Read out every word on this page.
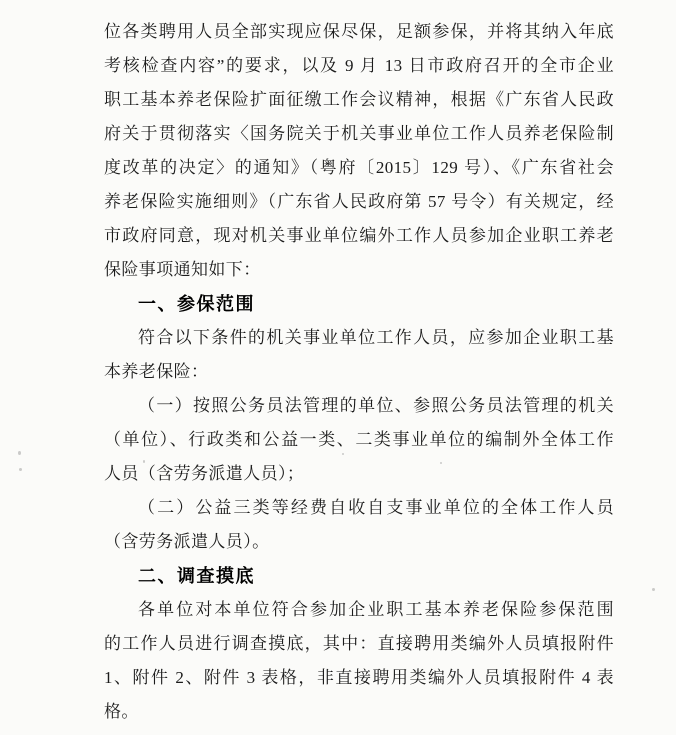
位各类聘用人员全部实现应保尽保，足额参保，并将其纳入年底
考核检查内容”的要求，以及 9 月 13 日市政府召开的全市企业
职工基本养老保险扩面征缴工作会议精神，根据《广东省人民政
府关于贯彻落实〈国务院关于机关事业单位工作人员养老保险制
度改革的决定〉的通知》（粤府〔2015〕129 号）、《广东省社会
养老保险实施细则》（广东省人民政府第 57 号令）有关规定，经
市政府同意，现对机关事业单位编外工作人员参加企业职工养老
保险事项通知如下：
一、参保范围
符合以下条件的机关事业单位工作人员，应参加企业职工基
本养老保险：
（一）按照公务员法管理的单位、参照公务员法管理的机关
（单位）、行政类和公益一类、二类事业单位的编制外全体工作
人员（含劳务派遣人员）；
（二）公益三类等经费自收自支事业单位的全体工作人员
（含劳务派遣人员）。
二、调查摸底
各单位对本单位符合参加企业职工基本养老保险参保范围
的工作人员进行调查摸底，其中：直接聘用类编外人员填报附件
1、附件 2、附件 3 表格，非直接聘用类编外人员填报附件 4 表
格。
